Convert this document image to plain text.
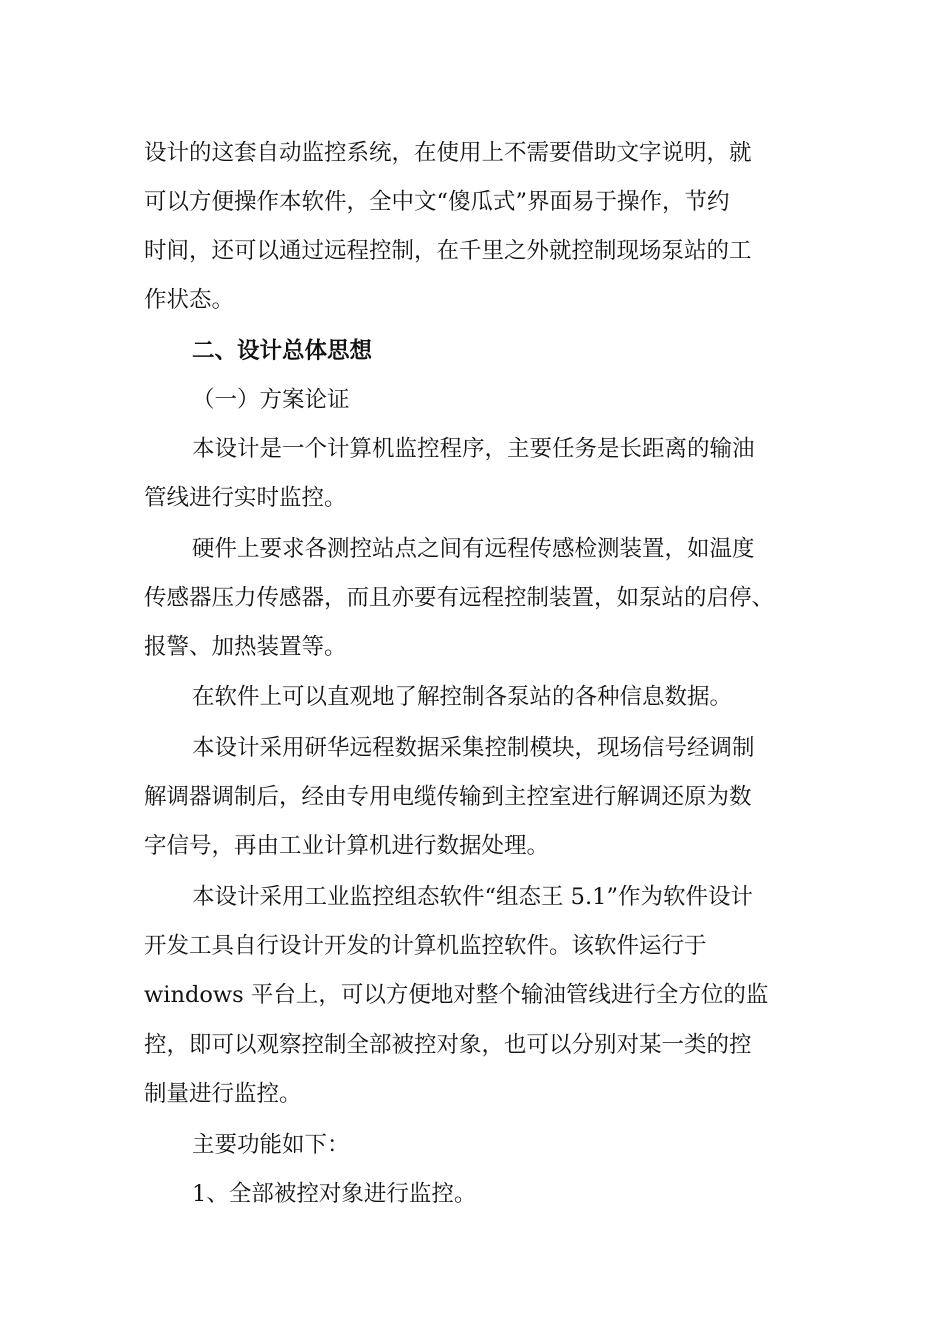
设计的这套自动监控系统，在使用上不需要借助文字说明，就
可以方便操作本软件，全中文“傻瓜式”界面易于操作，节约
时间，还可以通过远程控制，在千里之外就控制现场泵站的工
作状态。
二、设计总体思想
（一）方案论证
本设计是一个计算机监控程序，主要任务是长距离的输油
管线进行实时监控。
硬件上要求各测控站点之间有远程传感检测装置，如温度
传感器压力传感器，而且亦要有远程控制装置，如泵站的启停、
报警、加热装置等。
在软件上可以直观地了解控制各泵站的各种信息数据。
本设计采用研华远程数据采集控制模块，现场信号经调制
解调器调制后，经由专用电缆传输到主控室进行解调还原为数
字信号，再由工业计算机进行数据处理。
本设计采用工业监控组态软件“组态王 5.1”作为软件设计
开发工具自行设计开发的计算机监控软件。该软件运行于
windows 平台上，可以方便地对整个输油管线进行全方位的监
控，即可以观察控制全部被控对象，也可以分别对某一类的控
制量进行监控。
主要功能如下：
1、全部被控对象进行监控。
